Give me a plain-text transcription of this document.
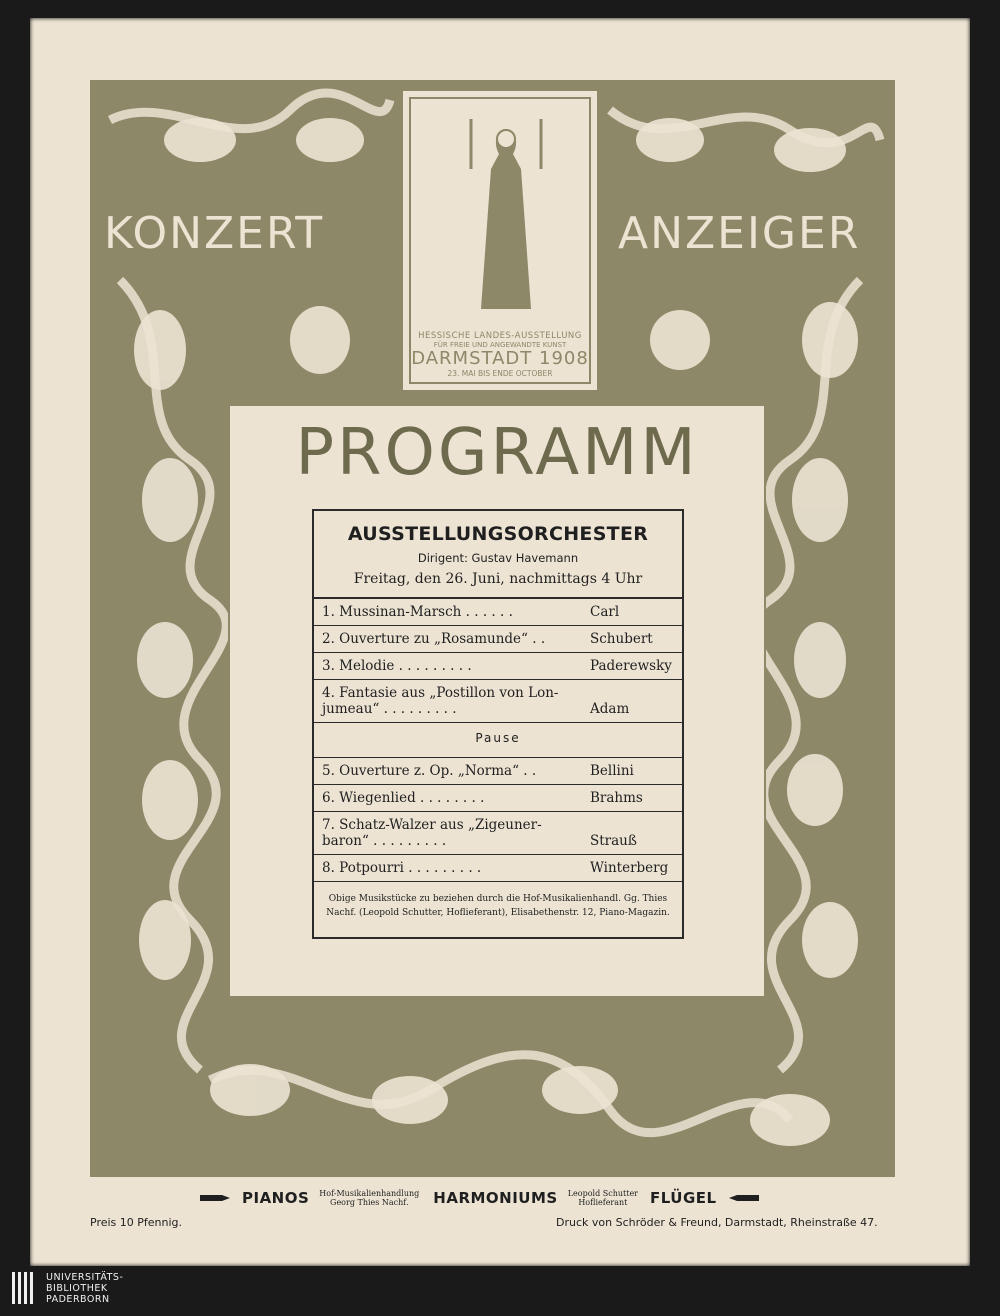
KONZERT	ANZEIGER
HESSISCHE LANDES-AUSSTELLUNG
FÜR FREIE UND ANGEWANDTE KUNST
DARMSTADT 1908
23. MAI BIS ENDE OCTOBER
PROGRAMM
AUSSTELLUNGSORCHESTER
Dirigent: Gustav Havemann
Freitag, den 26. Juni, nachmittags 4 Uhr
1. Mussinan-Marsch . . . . . .	Carl
2. Ouverture zu „Rosamunde“ . .	Schubert
3. Melodie . . . . . . . . .	Paderewsky
4. Fantasie aus „Postillon von Lon-
jumeau“ . . . . . . . . .	Adam
Pause
5. Ouverture z. Op. „Norma“ . .	Bellini
6. Wiegenlied . . . . . . . .	Brahms
7. Schatz-Walzer aus „Zigeuner-
baron“ . . . . . . . . .	Strauß
8. Potpourri . . . . . . . . .	Winterberg
Obige Musikstücke zu beziehen durch die Hof-Musikalienhandl. Gg. Thies Nachf. (Leopold Schutter, Hoflieferant), Elisabethenstr. 12, Piano-Magazin.
PIANOS Hof-Musikalienhandlung
Georg Thies Nachf.	HARMONIUMS Leopold Schutter
Hoflieferant	FLÜGEL
Preis 10 Pfennig.	Druck von Schröder & Freund, Darmstadt, Rheinstraße 47.
UNIVERSITÄTS-
BIBLIOTHEK
PADERBORN
